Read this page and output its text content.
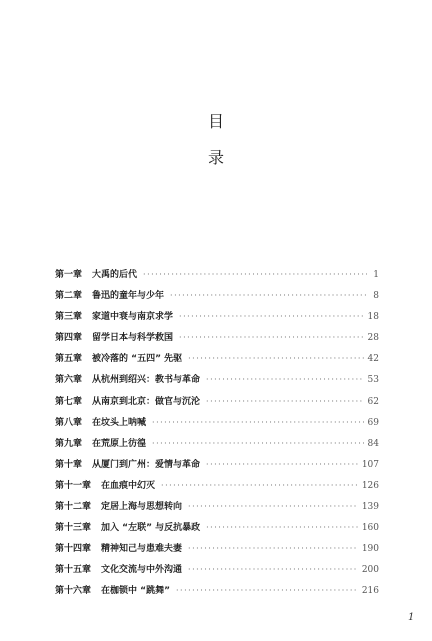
目
录
第一章 大禹的后代 ·····	1
第二章 鲁迅的童年与少年 ·····	8
第三章 家道中衰与南京求学 ·····	18
第四章 留学日本与科学救国 ·····	28
第五章 被冷落的 “五四” 先驱 ·····	42
第六章 从杭州到绍兴：教书与革命 ·····	53
第七章 从南京到北京：做官与沉沦 ·····	62
第八章 在坟头上呐喊 ·····	69
第九章 在荒原上彷徨 ·····	84
第十章 从厦门到广州：爱情与革命 ·····	107
第十一章 在血痕中幻灭 ·····	126
第十二章 定居上海与思想转向 ·····	139
第十三章 加入 “左联” 与反抗暴政 ·····	160
第十四章 精神知己与患难夫妻 ·····	190
第十五章 文化交流与中外沟通 ·····	200
第十六章 在枷锁中 “跳舞” ·····	216
1
